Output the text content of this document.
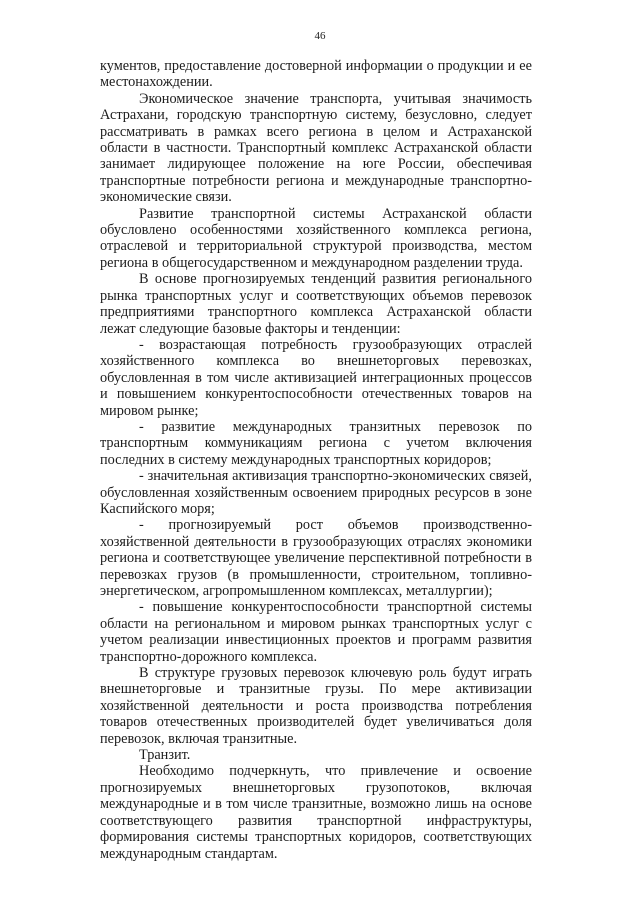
46

кументов, предоставление достоверной информации о продукции и ее местонахождении.

Экономическое значение транспорта, учитывая значимость Астрахани, городскую транспортную систему, безусловно, следует рассматривать в рамках всего региона в целом и Астраханской области в частности. Транспортный комплекс Астраханской области занимает лидирующее положение на юге России, обеспечивая транспортные потребности региона и международные транспортно-экономические связи.

Развитие транспортной системы Астраханской области обусловлено особенностями хозяйственного комплекса региона, отраслевой и территориальной структурой производства, местом региона в общегосударственном и международном разделении труда.

В основе прогнозируемых тенденций развития регионального рынка транспортных услуг и соответствующих объемов перевозок предприятиями транспортного комплекса Астраханской области лежат следующие базовые факторы и тенденции:

- возрастающая потребность грузообразующих отраслей хозяйственного комплекса во внешнеторговых перевозках, обусловленная в том числе активизацией интеграционных процессов и повышением конкурентоспособности отечественных товаров на мировом рынке;

- развитие международных транзитных перевозок по транспортным коммуникациям региона с учетом включения последних в систему международных транспортных коридоров;

- значительная активизация транспортно-экономических связей, обусловленная хозяйственным освоением природных ресурсов в зоне Каспийского моря;

- прогнозируемый рост объемов производственно-хозяйственной деятельности в грузообразующих отраслях экономики региона и соответствующее увеличение перспективной потребности в перевозках грузов (в промышленности, строительном, топливно-энергетическом, агропромышленном комплексах, металлургии);

- повышение конкурентоспособности транспортной системы области на региональном и мировом рынках транспортных услуг с учетом реализации инвестиционных проектов и программ развития транспортно-дорожного комплекса.

В структуре грузовых перевозок ключевую роль будут играть внешнеторговые и транзитные грузы. По мере активизации хозяйственной деятельности и роста производства потребления товаров отечественных производителей будет увеличиваться доля перевозок, включая транзитные.

Транзит.

Необходимо подчеркнуть, что привлечение и освоение прогнозируемых внешнеторговых грузопотоков, включая международные и в том числе транзитные, возможно лишь на основе соответствующего развития транспортной инфраструктуры, формирования системы транспортных коридоров, соответствующих международным стандартам.
